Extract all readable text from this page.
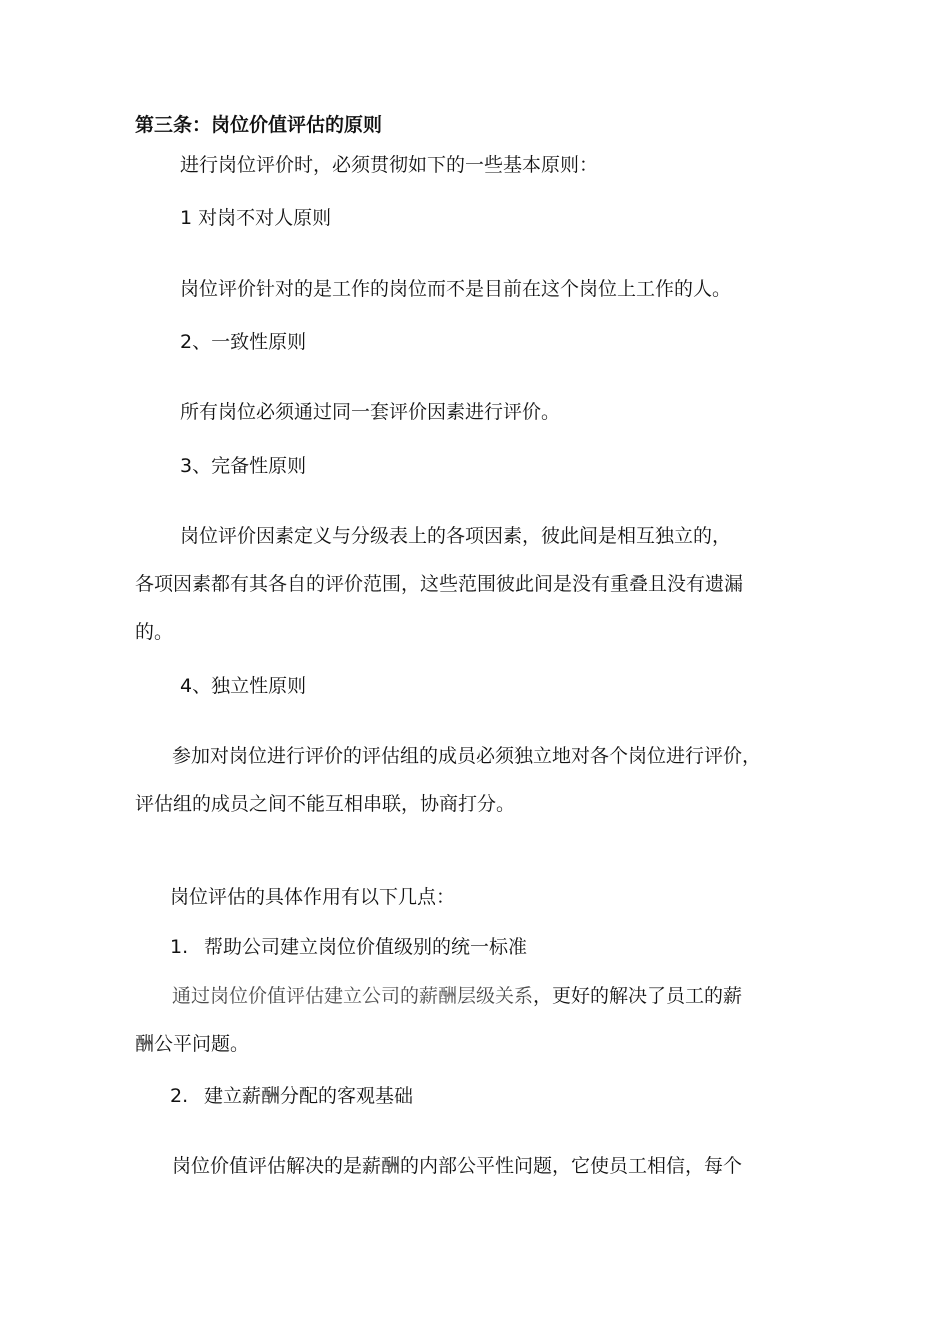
第三条：岗位价值评估的原则
进行岗位评价时，必须贯彻如下的一些基本原则：
1 对岗不对人原则
岗位评价针对的是工作的岗位而不是目前在这个岗位上工作的人。
2、一致性原则
所有岗位必须通过同一套评价因素进行评价。
3、完备性原则
岗位评价因素定义与分级表上的各项因素，彼此间是相互独立的，
各项因素都有其各自的评价范围，这些范围彼此间是没有重叠且没有遗漏
的。
4、独立性原则
参加对岗位进行评价的评估组的成员必须独立地对各个岗位进行评价，
评估组的成员之间不能互相串联，协商打分。
岗位评估的具体作用有以下几点：
1. 帮助公司建立岗位价值级别的统一标准
通过岗位价值评估建立公司的薪酬层级关系，更好的解决了员工的薪
酬公平问题。
2. 建立薪酬分配的客观基础
岗位价值评估解决的是薪酬的内部公平性问题，它使员工相信，每个
